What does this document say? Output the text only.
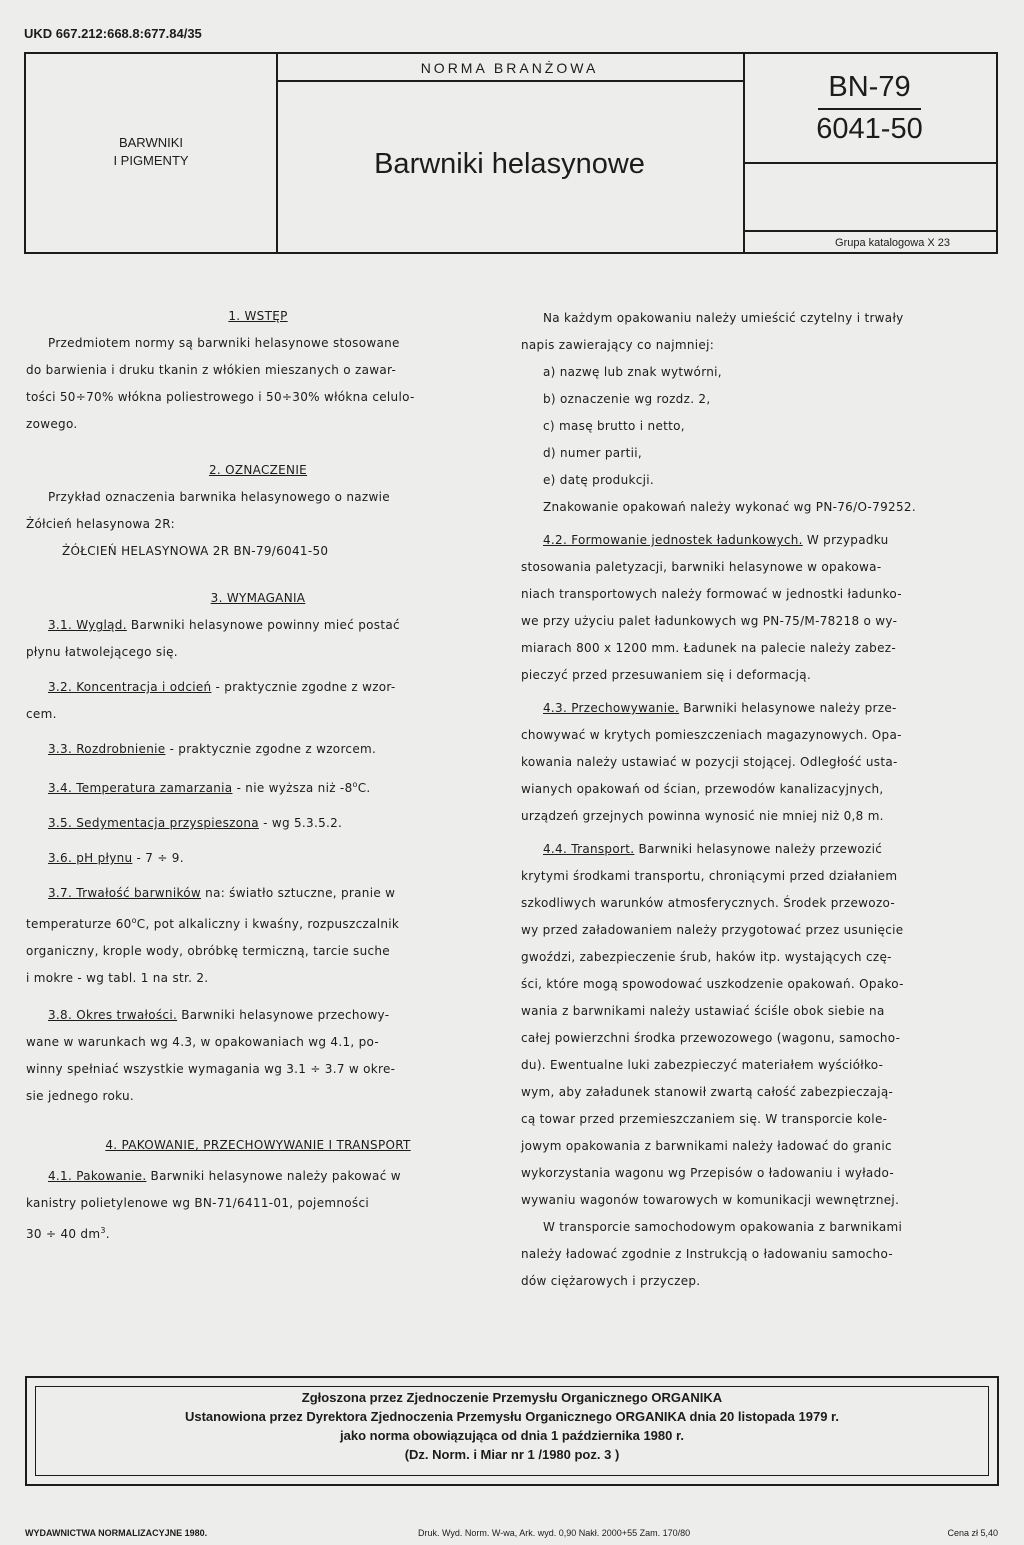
UKD 667.212:668.8:677.84/35
BARWNIKI
I PIGMENTY
NORMA BRANŻOWA
Barwniki helasynowe
BN-79
6041-50
Grupa katalogowa X 23

1. WSTĘP

Przedmiotem normy są barwniki helasynowe stosowane

do barwienia i druku tkanin z włókien mieszanych o zawar-

tości 50÷70% włókna poliestrowego i 50÷30% włókna celulo-

zowego.

2. OZNACZENIE

Przykład oznaczenia barwnika helasynowego o nazwie

Żółcień helasynowa 2R:

ŻÓŁCIEŃ HELASYNOWA 2R BN-79/6041-50

3. WYMAGANIA

3.1. Wygląd. Barwniki helasynowe powinny mieć postać

płynu łatwolejącego się.

3.2. Koncentracja i odcień - praktycznie zgodne z wzor-

cem.

3.3. Rozdrobnienie - praktycznie zgodne z wzorcem.

3.4. Temperatura zamarzania - nie wyższa niż -8$^o$C.

3.5. Sedymentacja przyspieszona - wg 5.3.5.2.

3.6. pH płynu - 7 ÷ 9.

3.7. Trwałość barwników na: światło sztuczne, pranie w

temperaturze 60$^o$C, pot alkaliczny i kwaśny, rozpuszczalnik

organiczny, krople wody, obróbkę termiczną, tarcie suche

i mokre - wg tabl. 1 na str. 2.

3.8. Okres trwałości. Barwniki helasynowe przechowy-

wane w warunkach wg 4.3, w opakowaniach wg 4.1, po-

winny spełniać wszystkie wymagania wg 3.1 ÷ 3.7 w okre-

sie jednego roku.

4. PAKOWANIE, PRZECHOWYWANIE I TRANSPORT

4.1. Pakowanie. Barwniki helasynowe należy pakować w

kanistry polietylenowe wg BN-71/6411-01, pojemności

30 ÷ 40 $dm^3$.

Na każdym opakowaniu należy umieścić czytelny i trwały

napis zawierający co najmniej:

a) nazwę lub znak wytwórni,

b) oznaczenie wg rozdz. 2,

c) masę brutto i netto,

d) numer partii,

e) datę produkcji.

Znakowanie opakowań należy wykonać wg PN-76/O-79252.

4.2. Formowanie jednostek ładunkowych. W przypadku

stosowania paletyzacji, barwniki helasynowe w opakowa-

niach transportowych należy formować w jednostki ładunko-

we przy użyciu palet ładunkowych wg PN-75/M-78218 o wy-

miarach 800 x 1200 mm. Ładunek na palecie należy zabez-

pieczyć przed przesuwaniem się i deformacją.

4.3. Przechowywanie. Barwniki helasynowe należy prze-

chowywać w krytych pomieszczeniach magazynowych. Opa-

kowania należy ustawiać w pozycji stojącej. Odległość usta-

wianych opakowań od ścian, przewodów kanalizacyjnych,

urządzeń grzejnych powinna wynosić nie mniej niż 0,8 m.

4.4. Transport. Barwniki helasynowe należy przewozić

krytymi środkami transportu, chroniącymi przed działaniem

szkodliwych warunków atmosferycznych. Środek przewozo-

wy przed załadowaniem należy przygotować przez usunięcie

gwoździ, zabezpieczenie śrub, haków itp. wystających czę-

ści, które mogą spowodować uszkodzenie opakowań. Opako-

wania z barwnikami należy ustawiać ściśle obok siebie na

całej powierzchni środka przewozowego (wagonu, samocho-

du). Ewentualne luki zabezpieczyć materiałem wyściółko-

wym, aby załadunek stanowił zwartą całość zabezpieczają-

cą towar przed przemieszczaniem się. W transporcie kole-

jowym opakowania z barwnikami należy ładować do granic

wykorzystania wagonu wg Przepisów o ładowaniu i wyłado-

wywaniu wagonów towarowych w komunikacji wewnętrznej.

W transporcie samochodowym opakowania z barwnikami

należy ładować zgodnie z Instrukcją o ładowaniu samocho-

dów ciężarowych i przyczep.

Zgłoszona przez Zjednoczenie Przemysłu Organicznego ORGANIKA
Ustanowiona przez Dyrektora Zjednoczenia Przemysłu Organicznego ORGANIKA dnia 20 listopada 1979 r.
jako norma obowiązująca od dnia 1 października 1980 r.
(Dz. Norm. i Miar nr 1 /1980 poz. 3 )
WYDAWNICTWA NORMALIZACYJNE 1980.	Druk. Wyd. Norm. W-wa, Ark. wyd. 0,90 Nakł. 2000+55 Zam. 170/80	Cena zł 5,40
